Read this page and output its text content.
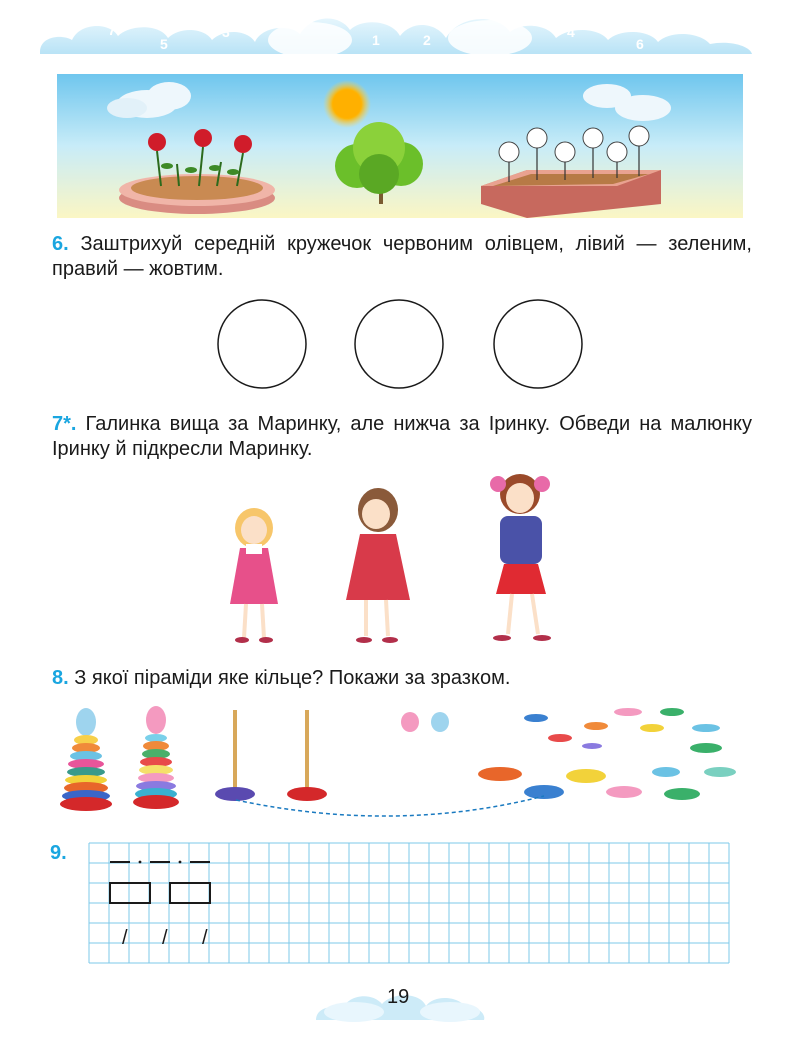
7
5
3	1
0
2	4
6
8
6. Заштрихуй середній кружечок червоним олівцем, лівий — зеленим, правий — жовтим.
7*. Галинка вища за Маринку, але нижча за Іринку. Обведи на малюнку Іринку й підкресли Маринку.
8. З якої піраміди яке кільце? Покажи за зразком.
9.
/ / /
19
